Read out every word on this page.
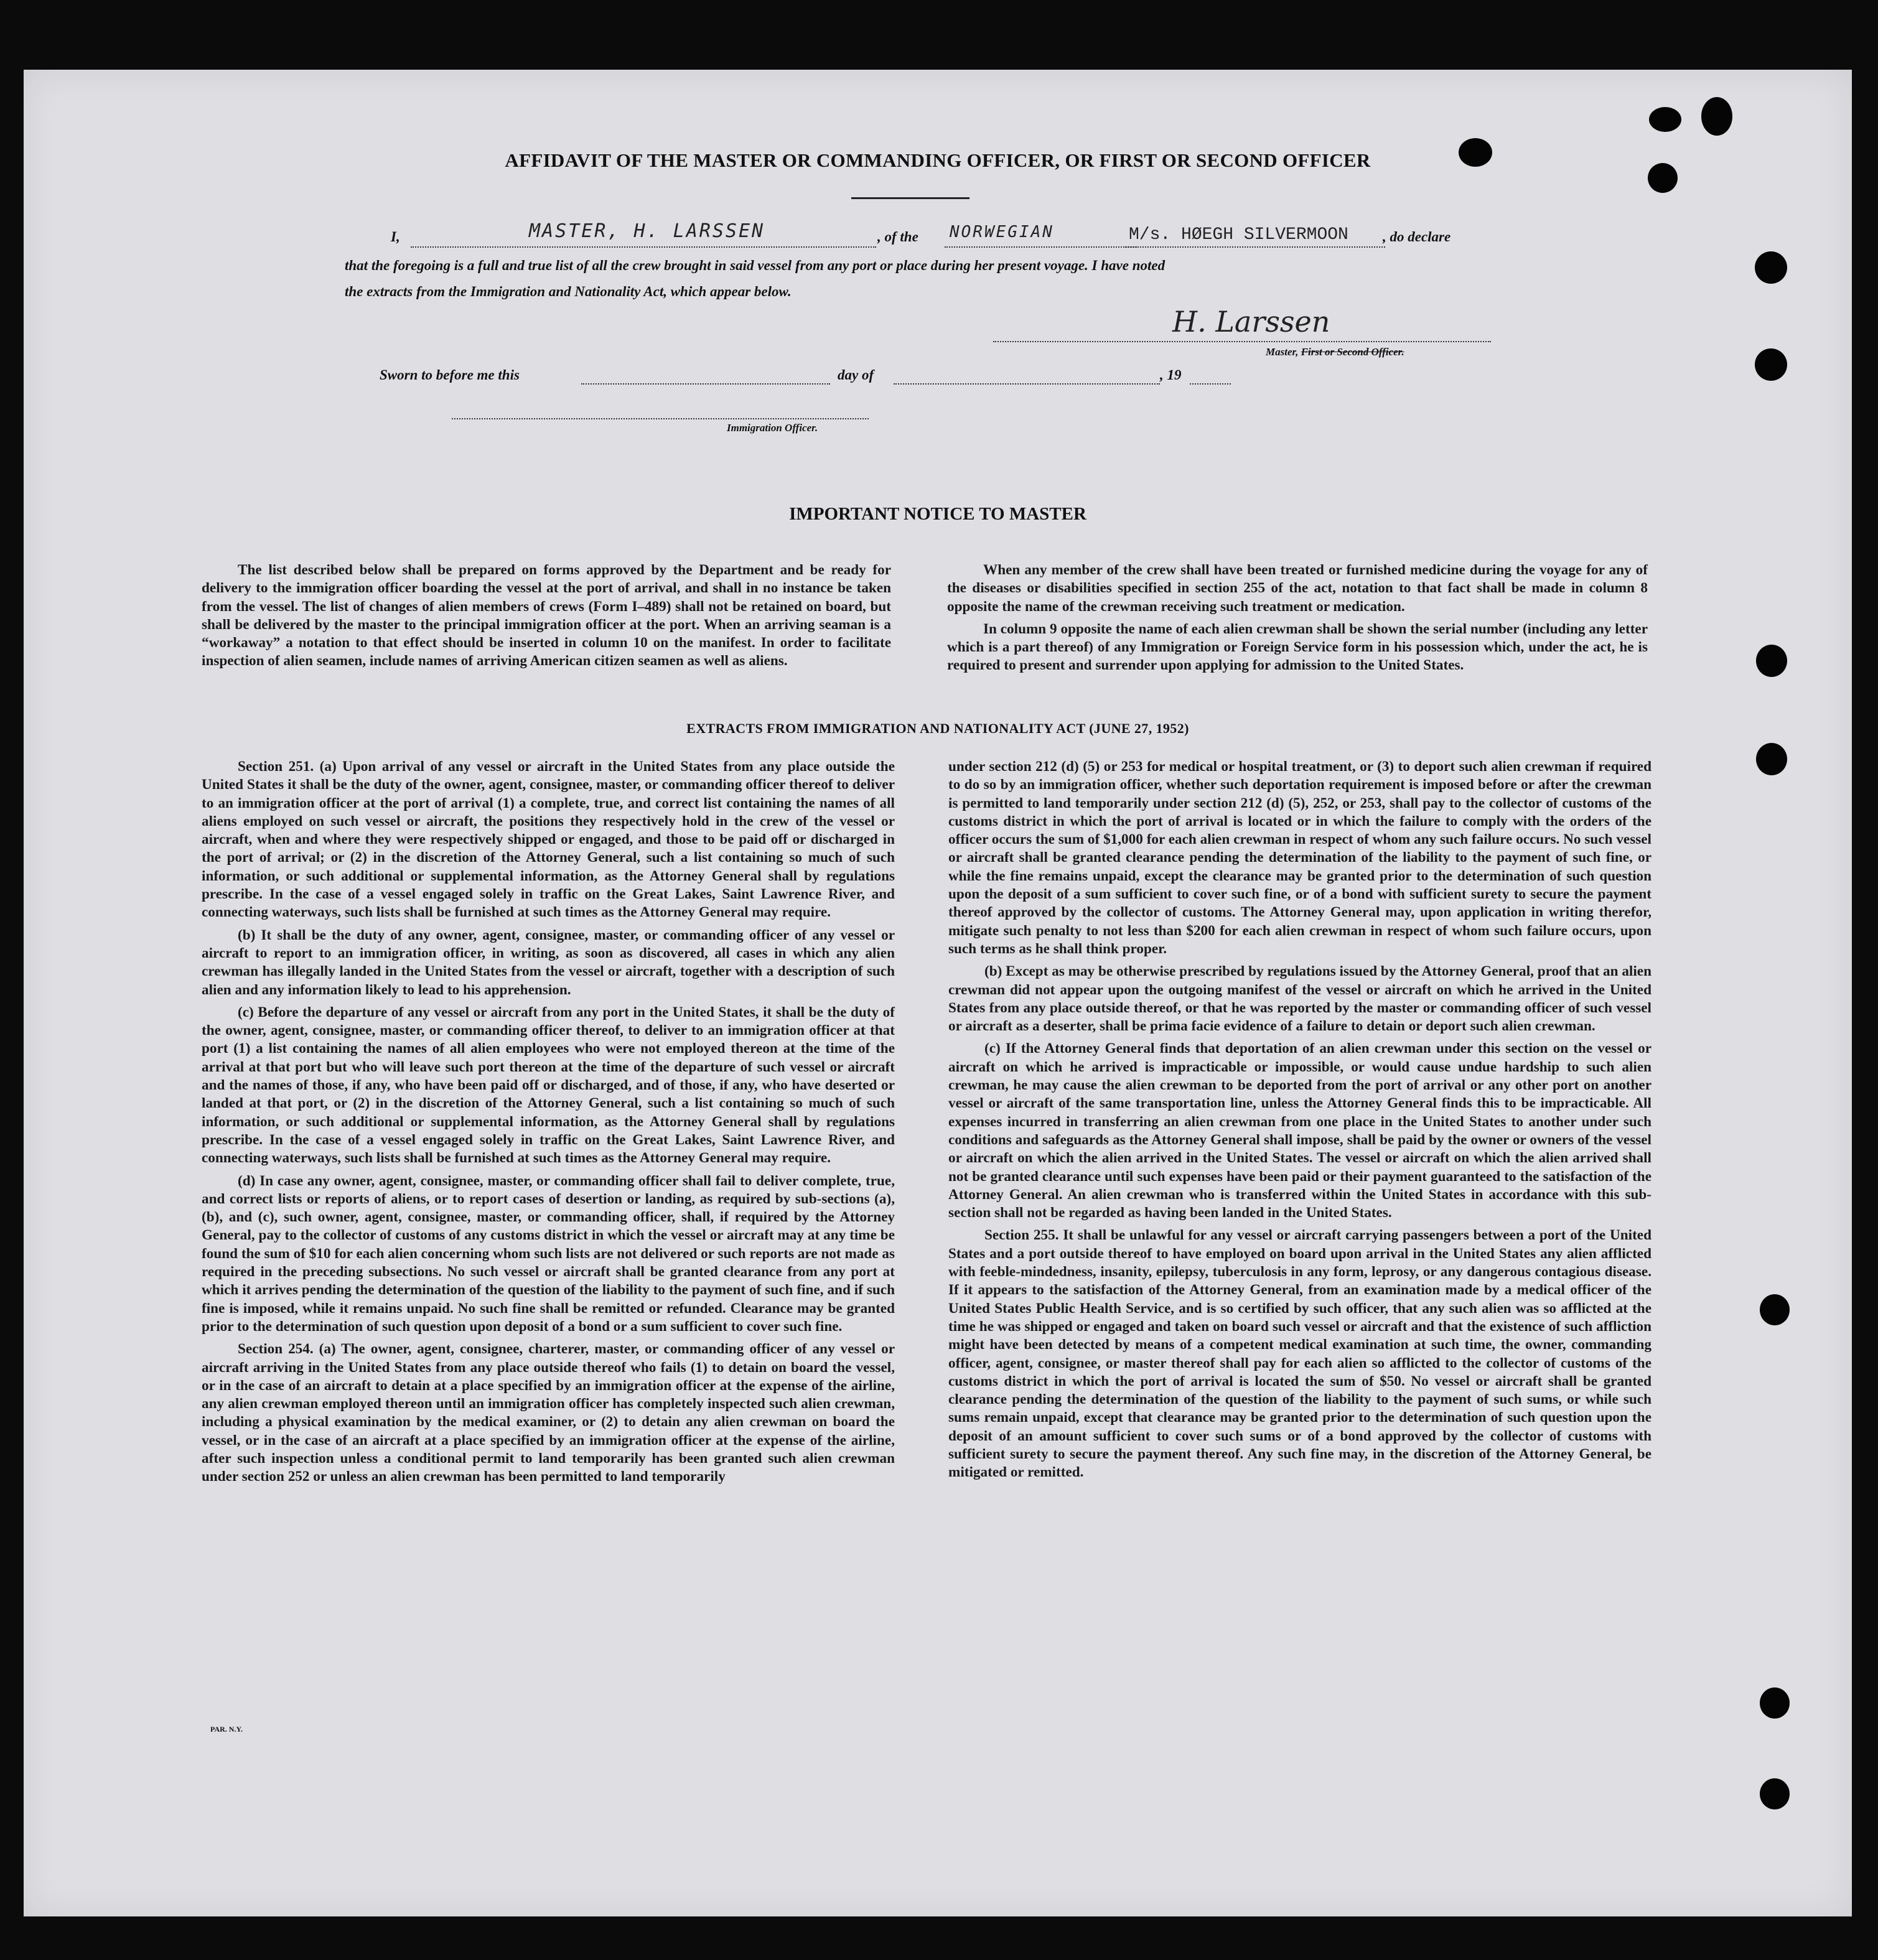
AFFIDAVIT OF THE MASTER OR COMMANDING OFFICER, OR FIRST OR SECOND OFFICER
I,	MASTER, H. LARSSEN	, of the NORWEGIAN	M/s. HØEGH SILVERMOON , do declare
that the foregoing is a full and true list of all the crew brought in said vessel from any port or place during her present voyage. I have noted
the extracts from the Immigration and Nationality Act, which appear below.
H. Larssen
Master, First or Second Officer.
Sworn to before me this	day of	, 19
Immigration Officer.
IMPORTANT NOTICE TO MASTER

The list described below shall be prepared on forms approved by the Department and be ready for delivery to the immigration officer boarding the vessel at the port of arrival, and shall in no instance be taken from the vessel. The list of changes of alien members of crews (Form I–489) shall not be retained on board, but shall be delivered by the master to the principal immigration officer at the port. When an arriving seaman is a “workaway” a notation to that effect should be inserted in column 10 on the manifest. In order to facilitate inspection of alien seamen, include names of arriving American citizen seamen as well as aliens.

When any member of the crew shall have been treated or furnished medicine during the voyage for any of the diseases or disabilities specified in section 255 of the act, notation to that fact shall be made in column 8 opposite the name of the crewman receiving such treatment or medication.

In column 9 opposite the name of each alien crewman shall be shown the serial number (including any letter which is a part thereof) of any Immigration or Foreign Service form in his possession which, under the act, he is required to present and surrender upon applying for admission to the United States.

EXTRACTS FROM IMMIGRATION AND NATIONALITY ACT (JUNE 27, 1952)

Section 251. (a) Upon arrival of any vessel or aircraft in the United States from any place outside the United States it shall be the duty of the owner, agent, consignee, master, or commanding officer thereof to deliver to an immigration officer at the port of arrival (1) a complete, true, and correct list containing the names of all aliens employed on such vessel or aircraft, the positions they respectively hold in the crew of the vessel or aircraft, when and where they were respectively shipped or engaged, and those to be paid off or discharged in the port of arrival; or (2) in the discretion of the Attorney General, such a list containing so much of such information, or such additional or supplemental information, as the Attorney General shall by regulations prescribe. In the case of a vessel engaged solely in traffic on the Great Lakes, Saint Lawrence River, and connecting waterways, such lists shall be furnished at such times as the Attorney General may require.

(b) It shall be the duty of any owner, agent, consignee, master, or commanding officer of any vessel or aircraft to report to an immigration officer, in writing, as soon as discovered, all cases in which any alien crewman has illegally landed in the United States from the vessel or aircraft, together with a description of such alien and any information likely to lead to his apprehension.

(c) Before the departure of any vessel or aircraft from any port in the United States, it shall be the duty of the owner, agent, consignee, master, or commanding officer thereof, to deliver to an immigration officer at that port (1) a list containing the names of all alien employees who were not employed thereon at the time of the arrival at that port but who will leave such port thereon at the time of the departure of such vessel or aircraft and the names of those, if any, who have been paid off or discharged, and of those, if any, who have deserted or landed at that port, or (2) in the discretion of the Attorney General, such a list containing so much of such information, or such additional or supplemental information, as the Attorney General shall by regulations prescribe. In the case of a vessel engaged solely in traffic on the Great Lakes, Saint Lawrence River, and connecting waterways, such lists shall be furnished at such times as the Attorney General may require.

(d) In case any owner, agent, consignee, master, or commanding officer shall fail to deliver complete, true, and correct lists or reports of aliens, or to report cases of desertion or landing, as required by sub-sections (a), (b), and (c), such owner, agent, consignee, master, or commanding officer, shall, if required by the Attorney General, pay to the collector of customs of any customs district in which the vessel or aircraft may at any time be found the sum of $10 for each alien concerning whom such lists are not delivered or such reports are not made as required in the preceding subsections. No such vessel or aircraft shall be granted clearance from any port at which it arrives pending the determination of the question of the liability to the payment of such fine, and if such fine is imposed, while it remains unpaid. No such fine shall be remitted or refunded. Clearance may be granted prior to the determination of such question upon deposit of a bond or a sum sufficient to cover such fine.

Section 254. (a) The owner, agent, consignee, charterer, master, or commanding officer of any vessel or aircraft arriving in the United States from any place outside thereof who fails (1) to detain on board the vessel, or in the case of an aircraft to detain at a place specified by an immigration officer at the expense of the airline, any alien crewman employed thereon until an immigration officer has completely inspected such alien crewman, including a physical examination by the medical examiner, or (2) to detain any alien crewman on board the vessel, or in the case of an aircraft at a place specified by an immigration officer at the expense of the airline, after such inspection unless a conditional permit to land temporarily has been granted such alien crewman under section 252 or unless an alien crewman has been permitted to land temporarily

under section 212 (d) (5) or 253 for medical or hospital treatment, or (3) to deport such alien crewman if required to do so by an immigration officer, whether such deportation requirement is imposed before or after the crewman is permitted to land temporarily under section 212 (d) (5), 252, or 253, shall pay to the collector of customs of the customs district in which the port of arrival is located or in which the failure to comply with the orders of the officer occurs the sum of $1,000 for each alien crewman in respect of whom any such failure occurs. No such vessel or aircraft shall be granted clearance pending the determination of the liability to the payment of such fine, or while the fine remains unpaid, except the clearance may be granted prior to the determination of such question upon the deposit of a sum sufficient to cover such fine, or of a bond with sufficient surety to secure the payment thereof approved by the collector of customs. The Attorney General may, upon application in writing therefor, mitigate such penalty to not less than $200 for each alien crewman in respect of whom such failure occurs, upon such terms as he shall think proper.

(b) Except as may be otherwise prescribed by regulations issued by the Attorney General, proof that an alien crewman did not appear upon the outgoing manifest of the vessel or aircraft on which he arrived in the United States from any place outside thereof, or that he was reported by the master or commanding officer of such vessel or aircraft as a deserter, shall be prima facie evidence of a failure to detain or deport such alien crewman.

(c) If the Attorney General finds that deportation of an alien crewman under this section on the vessel or aircraft on which he arrived is impracticable or impossible, or would cause undue hardship to such alien crewman, he may cause the alien crewman to be deported from the port of arrival or any other port on another vessel or aircraft of the same transportation line, unless the Attorney General finds this to be impracticable. All expenses incurred in transferring an alien crewman from one place in the United States to another under such conditions and safeguards as the Attorney General shall impose, shall be paid by the owner or owners of the vessel or aircraft on which the alien arrived in the United States. The vessel or aircraft on which the alien arrived shall not be granted clearance until such expenses have been paid or their payment guaranteed to the satisfaction of the Attorney General. An alien crewman who is transferred within the United States in accordance with this sub-section shall not be regarded as having been landed in the United States.

Section 255. It shall be unlawful for any vessel or aircraft carrying passengers between a port of the United States and a port outside thereof to have employed on board upon arrival in the United States any alien afflicted with feeble-mindedness, insanity, epilepsy, tuberculosis in any form, leprosy, or any dangerous contagious disease. If it appears to the satisfaction of the Attorney General, from an examination made by a medical officer of the United States Public Health Service, and is so certified by such officer, that any such alien was so afflicted at the time he was shipped or engaged and taken on board such vessel or aircraft and that the existence of such affliction might have been detected by means of a competent medical examination at such time, the owner, commanding officer, agent, consignee, or master thereof shall pay for each alien so afflicted to the collector of customs of the customs district in which the port of arrival is located the sum of $50. No vessel or aircraft shall be granted clearance pending the determination of the question of the liability to the payment of such sums, or while such sums remain unpaid, except that clearance may be granted prior to the determination of such question upon the deposit of an amount sufficient to cover such sums or of a bond approved by the collector of customs with sufficient surety to secure the payment thereof. Any such fine may, in the discretion of the Attorney General, be mitigated or remitted.

PAR. N.Y.
